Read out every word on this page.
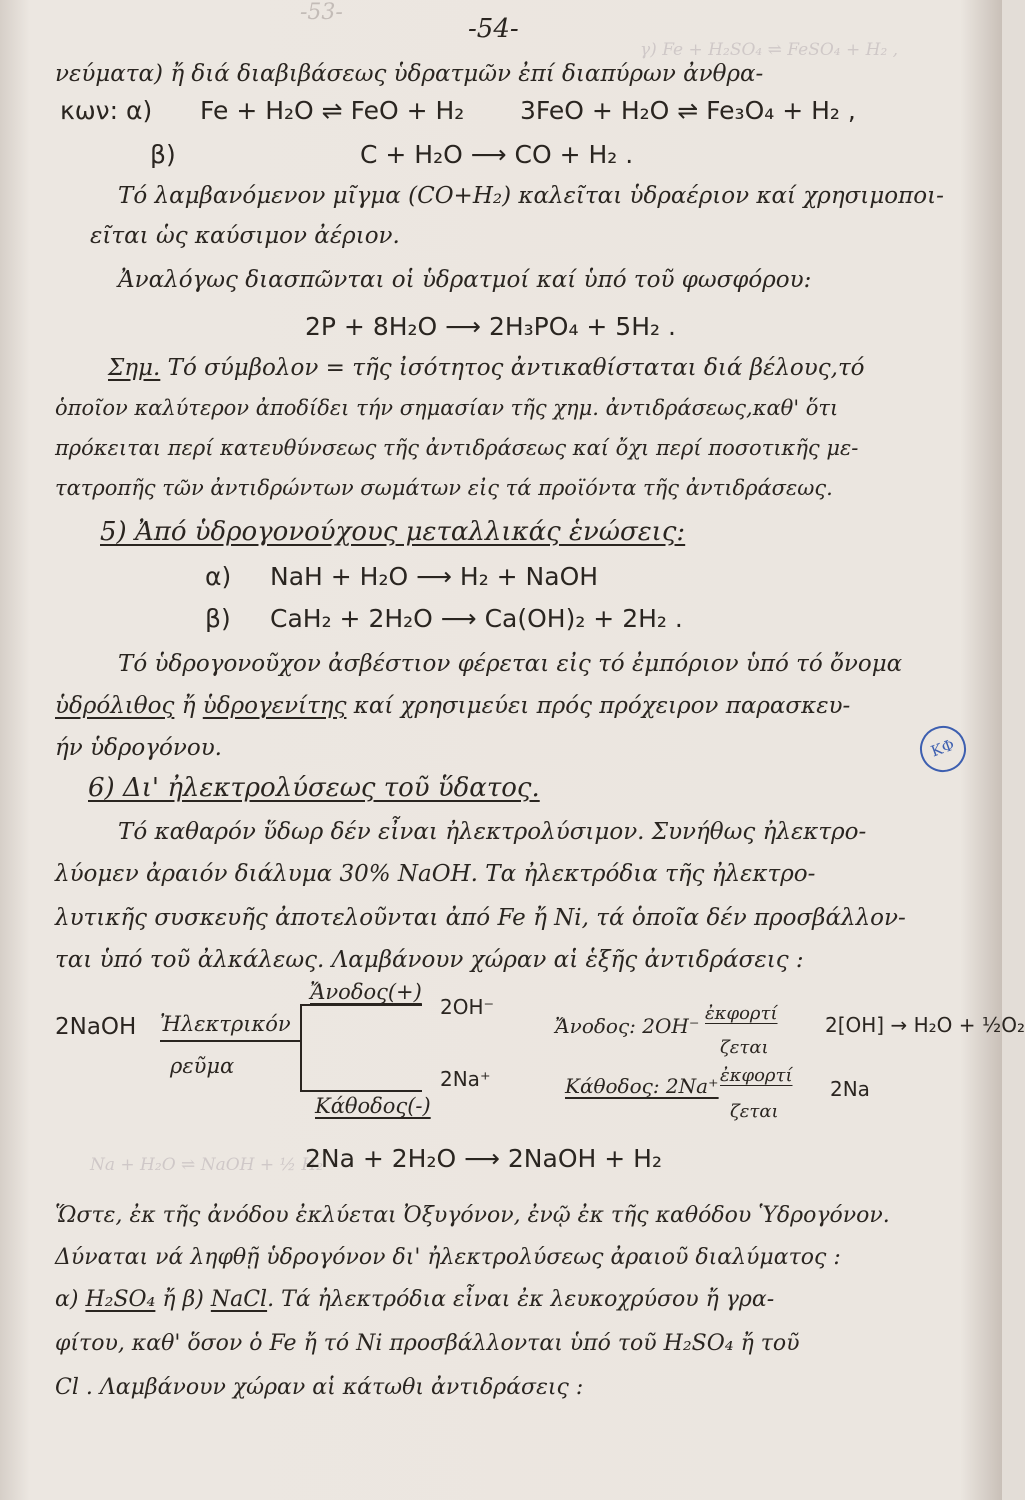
-53-
γ) Fe + H₂SO₄ ⇌ FeSO₄ + H₂ ,
Na + H₂O ⇌ NaOH + ½ H₂
-54-
νεύματα) ἤ διά διαβιβάσεως ὑδρατμῶν ἐπί διαπύρων ἀνθρα-
κων: α) Fe + H₂O ⇌ FeO + H₂ 3FeO + H₂O ⇌ Fe₃O₄ + H₂ ,
β)	C + H₂O ⟶ CO + H₂ .
Τό λαμβανόμενον μῖγμα (CO+H₂) καλεῖται ὑδραέριον καί χρησιμοποι-
εῖται ὡς καύσιμον ἀέριον.
Ἀναλόγως διασπῶνται οἱ ὑδρατμοί καί ὑπό τοῦ φωσφόρου:
2P + 8H₂O ⟶ 2H₃PO₄ + 5H₂ .
Σημ. Τό σύμβολον = τῆς ἰσότητος ἀντικαθίσταται διά βέλους,τό
ὁποῖον καλύτερον ἀποδίδει τήν σημασίαν τῆς χημ. ἀντιδράσεως,καθ' ὅτι
πρόκειται περί κατευθύνσεως τῆς ἀντιδράσεως καί ὄχι περί ποσοτικῆς με-
τατροπῆς τῶν ἀντιδρώντων σωμάτων εἰς τά προϊόντα τῆς ἀντιδράσεως.
5) Ἀπό ὑδρογονούχους μεταλλικάς ἑνώσεις:
α) NaH + H₂O ⟶ H₂ + NaOH
β) CaH₂ + 2H₂O ⟶ Ca(OH)₂ + 2H₂ .
Τό ὑδρογονοῦχον ἀσβέστιον φέρεται εἰς τό ἐμπόριον ὑπό τό ὄνομα
ὑδρόλιθος ἤ ὑδρογενίτης καί χρησιμεύει πρός πρόχειρον παρασκευ-
ήν ὑδρογόνου.	ΚΦ
6) Δι' ἠλεκτρολύσεως τοῦ ὕδατος.
Τό καθαρόν ὕδωρ δέν εἶναι ἠλεκτρολύσιμον. Συνήθως ἠλεκτρο-
λύομεν ἀραιόν διάλυμα 30% NaOH. Τα ἠλεκτρόδια τῆς ἠλεκτρο-
λυτικῆς συσκευῆς ἀποτελοῦνται ἀπό Fe ἤ Ni, τά ὁποῖα δέν προσβάλλον-
ται ὑπό τοῦ ἀλκάλεως. Λαμβάνουν χώραν αἱ ἑξῆς ἀντιδράσεις :
2NaOH Ἠλεκτρικόν
ρεῦμα
Ἄνοδος(+)
2OH⁻
Κάθοδος(-)
2Na⁺
Ἄνοδος: 2OH⁻
ἐκφορτί
ζεται
2[OH] → H₂O + ½O₂
Κάθοδος: 2Na⁺ ἐκφορτί
ζεται
2Na
2Na + 2H₂O ⟶ 2NaOH + H₂
Ὥστε, ἐκ τῆς ἀνόδου ἐκλύεται Ὀξυγόνον, ἐνῷ ἐκ τῆς καθόδου Ὑδρογόνον.
Δύναται νά ληφθῇ ὑδρογόνον δι' ἠλεκτρολύσεως ἀραιοῦ διαλύματος :
α) H₂SO₄ ἤ β) NaCl. Τά ἠλεκτρόδια εἶναι ἐκ λευκοχρύσου ἤ γρα-
φίτου, καθ' ὅσον ὁ Fe ἤ τό Ni προσβάλλονται ὑπό τοῦ H₂SO₄ ἤ τοῦ
Cl . Λαμβάνουν χώραν αἱ κάτωθι ἀντιδράσεις :
